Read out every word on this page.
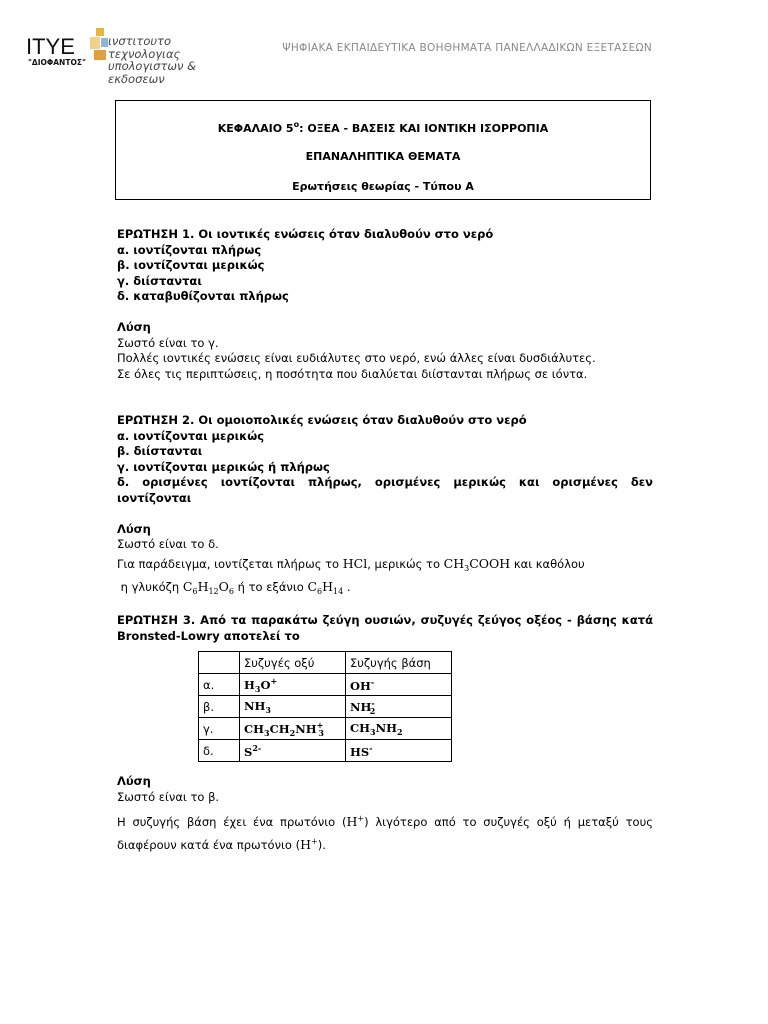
ΙΤΥΕ
"ΔΙΟΦΑΝΤΟΣ"
ινστιτουτο
τεχνολογιας
υπολογιστων & εκδοσεων
ΨΗΦΙΑΚΑ ΕΚΠΑΙΔΕΥΤΙΚΑ ΒΟΗΘΗΜΑΤΑ ΠΑΝΕΛΛΑΔΙΚΩΝ ΕΞΕΤΑΣΕΩΝ
ΚΕΦΑΛΑΙΟ $5^o$: ΟΞΕΑ - ΒΑΣΕΙΣ ΚΑΙ ΙΟΝΤΙΚΗ ΙΣΟΡΡΟΠΙΑ
ΕΠΑΝΑΛΗΠΤΙΚΑ ΘΕΜΑΤΑ
Ερωτήσεις θεωρίας - Τύπου Α
ΕΡΩΤΗΣΗ 1. Οι ιοντικές ενώσεις όταν διαλυθούν στο νερό
α. ιοντίζονται πλήρως
β. ιοντίζονται μερικώς
γ. διίστανται
δ. καταβυθίζονται πλήρως

Λύση
Σωστό είναι το γ.
Πολλές ιοντικές ενώσεις είναι ευδιάλυτες στο νερό, ενώ άλλες είναι δυσδιάλυτες.
Σε όλες τις περιπτώσεις, η ποσότητα που διαλύεται διίστανται πλήρως σε ιόντα.
ΕΡΩΤΗΣΗ 2. Οι ομοιοπολικές ενώσεις όταν διαλυθούν στο νερό
α. ιοντίζονται μερικώς
β. διίστανται
γ. ιοντίζονται μερικώς ή πλήρως
δ. ορισμένες ιοντίζονται πλήρως, ορισμένες μερικώς και ορισμένες δεν ιοντίζονται

Λύση
Σωστό είναι το δ.
Για παράδειγμα, ιοντίζεται πλήρως το HCl, μερικώς το $CH_3COOH$ και καθόλου
η γλυκόζη $C_6H_{12}O_6$ ή το εξάνιο $C_6H_{14}$ .
ΕΡΩΤΗΣΗ 3. Από τα παρακάτω ζεύγη ουσιών, συζυγές ζεύγος οξέος - βάσης κατά Bronsted-Lowry αποτελεί το
	Συζυγές οξύ	Συζυγής βάση
α.	$H_3O^+$	OH-
β.	$NH_3$	$NH^-_2$
γ.	$CH_3CH_2NH^+_3$	$CH_3NH_2$
δ.	$S^{2-}$	HS-
Λύση
Σωστό είναι το β.
Η συζυγής βάση έχει ένα πρωτόνιο (H+) λιγότερο από το συζυγές οξύ ή μεταξύ τους διαφέρουν κατά ένα πρωτόνιο (H+).
